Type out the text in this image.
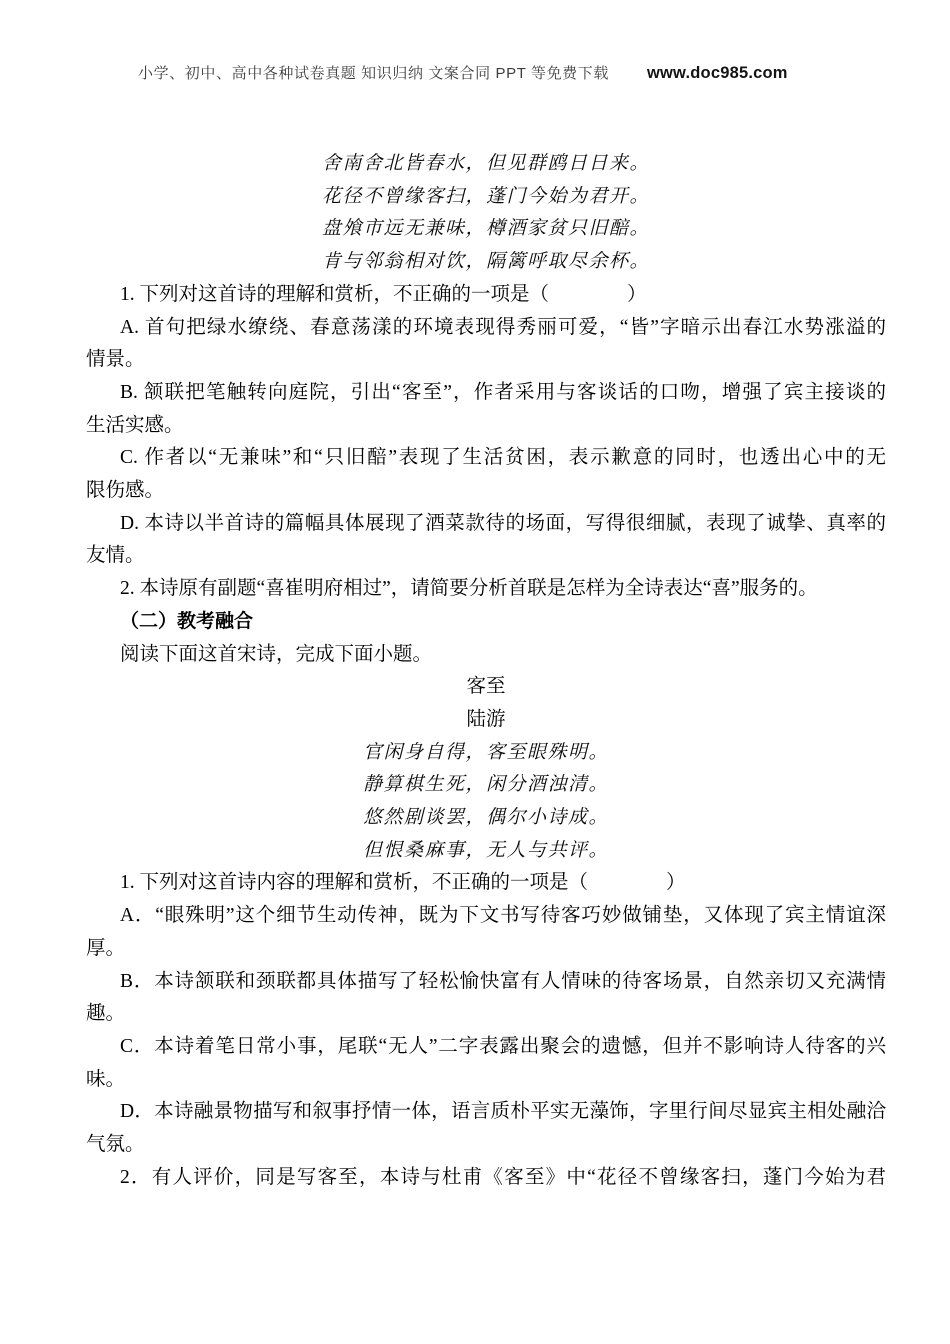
小学、初中、高中各种试卷真题 知识归纳 文案合同 PPT 等免费下载 www.doc985.com

舍南舍北皆春水，但见群鸥日日来。

花径不曾缘客扫，蓬门今始为君开。

盘飧市远无兼味，樽酒家贫只旧醅。

肯与邻翁相对饮，隔篱呼取尽余杯。

1. 下列对这首诗的理解和赏析，不正确的一项是（　　　　）

A. 首句把绿水缭绕、春意荡漾的环境表现得秀丽可爱，“皆”字暗示出春江水势涨溢的

情景。

B. 颔联把笔触转向庭院，引出“客至”，作者采用与客谈话的口吻，增强了宾主接谈的

生活实感。

C. 作者以“无兼味”和“只旧醅”表现了生活贫困，表示歉意的同时，也透出心中的无

限伤感。

D. 本诗以半首诗的篇幅具体展现了酒菜款待的场面，写得很细腻，表现了诚挚、真率的

友情。

2. 本诗原有副题“喜崔明府相过”，请简要分析首联是怎样为全诗表达“喜”服务的。

（二）教考融合

阅读下面这首宋诗，完成下面小题。

客至

陆游

官闲身自得，客至眼殊明。

静算棋生死，闲分酒浊清。

悠然剧谈罢，偶尔小诗成。

但恨桑麻事，无人与共评。

1. 下列对这首诗内容的理解和赏析，不正确的一项是（　　　　）

A．“眼殊明”这个细节生动传神，既为下文书写待客巧妙做铺垫，又体现了宾主情谊深

厚。

B．本诗颔联和颈联都具体描写了轻松愉快富有人情味的待客场景，自然亲切又充满情

趣。

C．本诗着笔日常小事，尾联“无人”二字表露出聚会的遗憾，但并不影响诗人待客的兴

味。

D．本诗融景物描写和叙事抒情一体，语言质朴平实无藻饰，字里行间尽显宾主相处融洽

气氛。

2．有人评价，同是写客至，本诗与杜甫《客至》中“花径不曾缘客扫，蓬门今始为君
